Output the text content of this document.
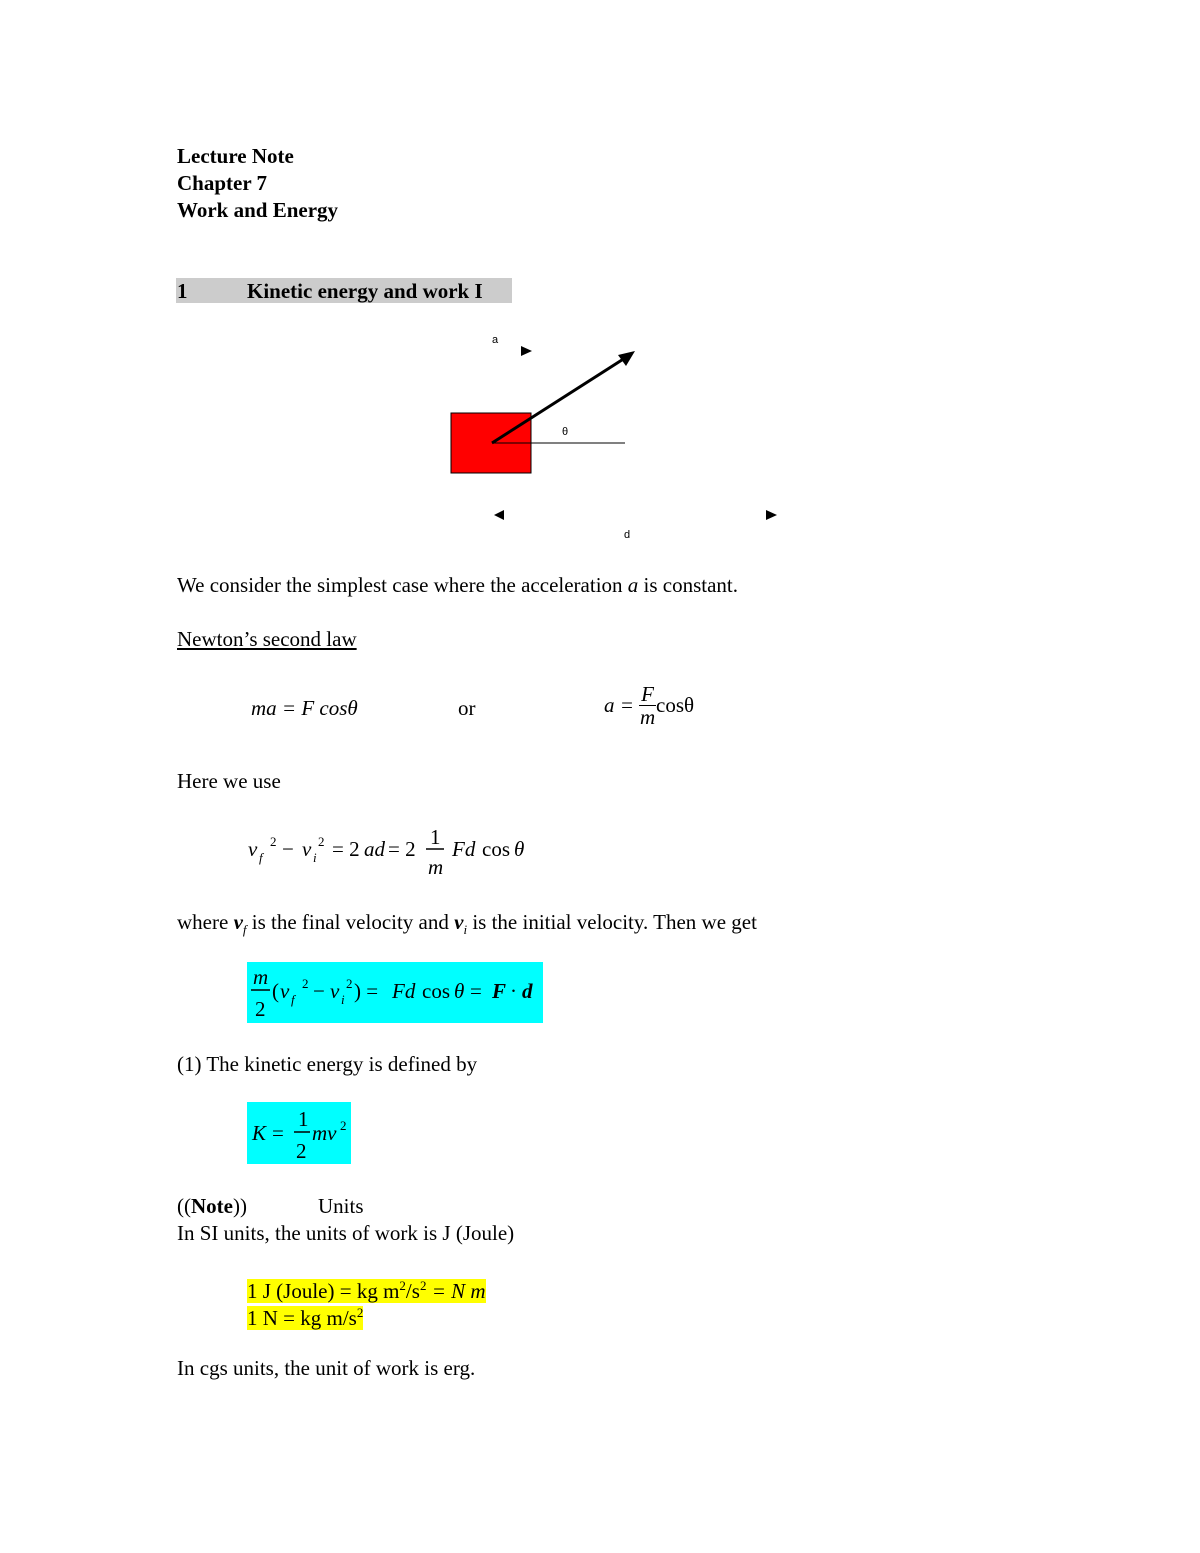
Lecture Note
Chapter 7
Work and Energy
1	Kinetic energy and work I
a
θ
d
We consider the simplest case where the acceleration a is constant.
Newton’s second law
ma = F cosθ	or	$a = \frac{F}{m}$ cosθ
Here we use
v f
2 − v i
2 = 2 ad = 2 1
m
Fd cos θ
where $v_f$ is the final velocity and $v_i$ is the initial velocity. Then we get
m
2
( v f
2 − v i
2 ) = Fd cos θ = F · d
(1) The kinetic energy is defined by
K =
1
2
mv 2
((Note))	Units
In SI units, the units of work is J (Joule)
1 J (Joule) = kg $m^2/s^2 = N$ m
1 N = kg $m/s^2$
In cgs units, the unit of work is erg.
